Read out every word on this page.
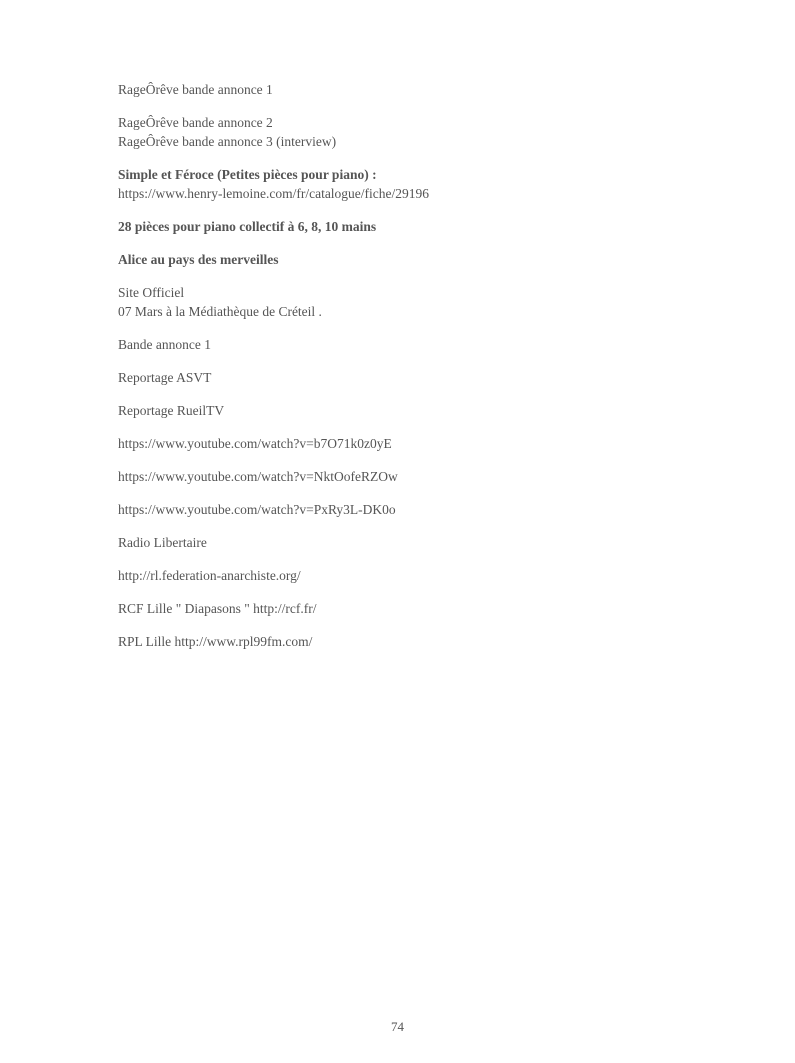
RageÔrêve bande annonce 1

RageÔrêve bande annonce 2
RageÔrêve bande annonce 3 (interview)

Simple et Féroce (Petites pièces pour piano) :
https://www.henry-lemoine.com/fr/catalogue/fiche/29196

28 pièces pour piano collectif à 6, 8, 10 mains

Alice au pays des merveilles

Site Officiel
07 Mars à la Médiathèque de Créteil .

Bande annonce 1

Reportage ASVT

Reportage RueilTV

https://www.youtube.com/watch?v=b7O71k0z0yE

https://www.youtube.com/watch?v=NktOofeRZOw

https://www.youtube.com/watch?v=PxRy3L-DK0o

Radio Libertaire

http://rl.federation-anarchiste.org/

RCF Lille " Diapasons " http://rcf.fr/

RPL Lille http://www.rpl99fm.com/

74
